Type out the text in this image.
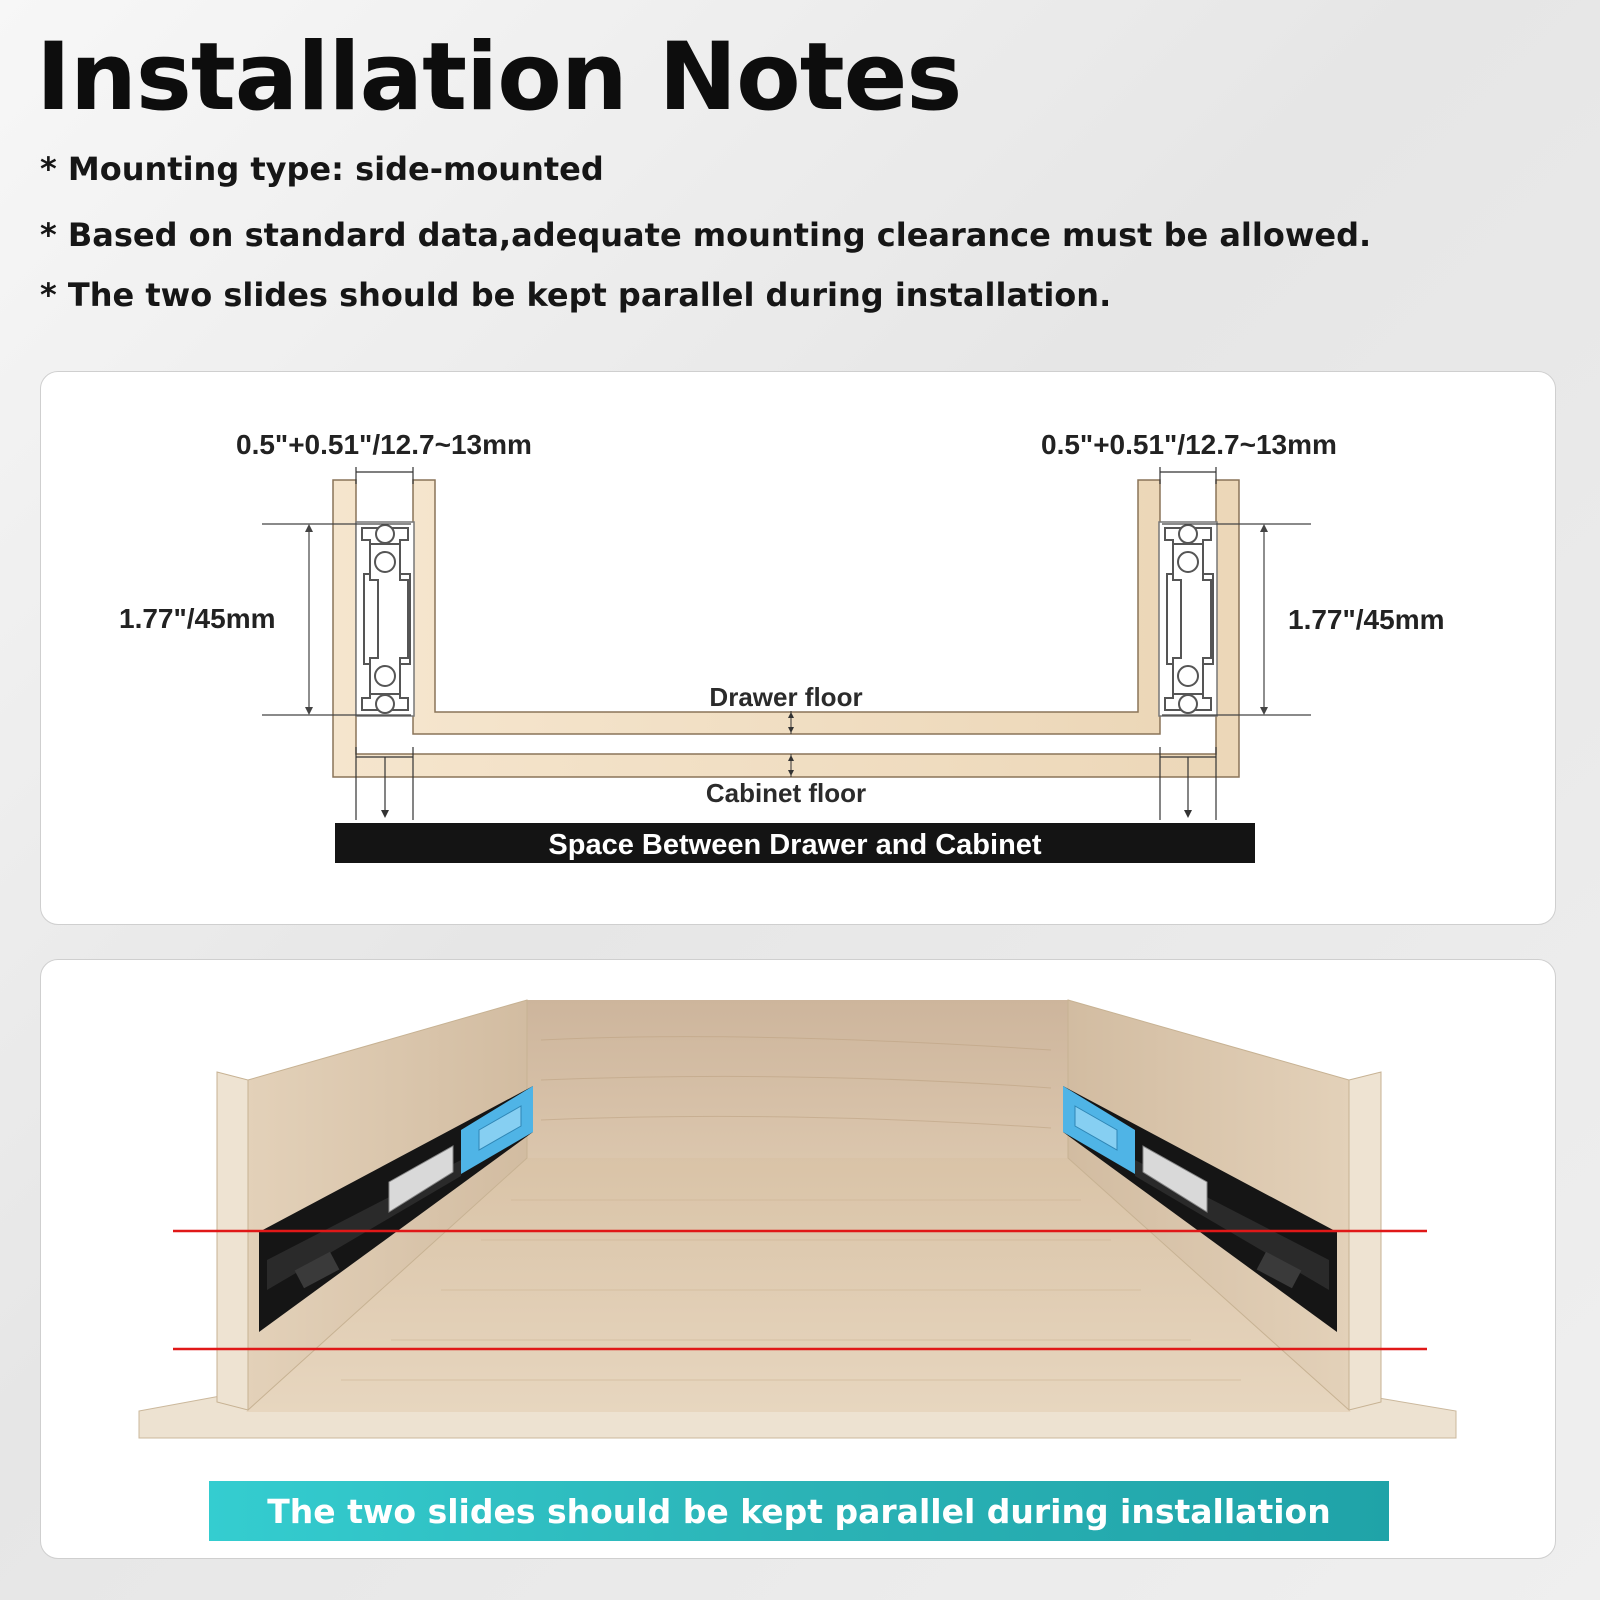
Installation Notes

* Mounting type: side-mounted

* Based on standard data,adequate mounting clearance must be allowed.

* The two slides should be kept parallel during installation.

0.5"+0.51"/12.7~13mm	0.5"+0.51"/12.7~13mm
1.77"/45mm	1.77"/45mm
Drawer floor
Cabinet floor
Space Between Drawer and Cabinet
The two slides should be kept parallel during installation
